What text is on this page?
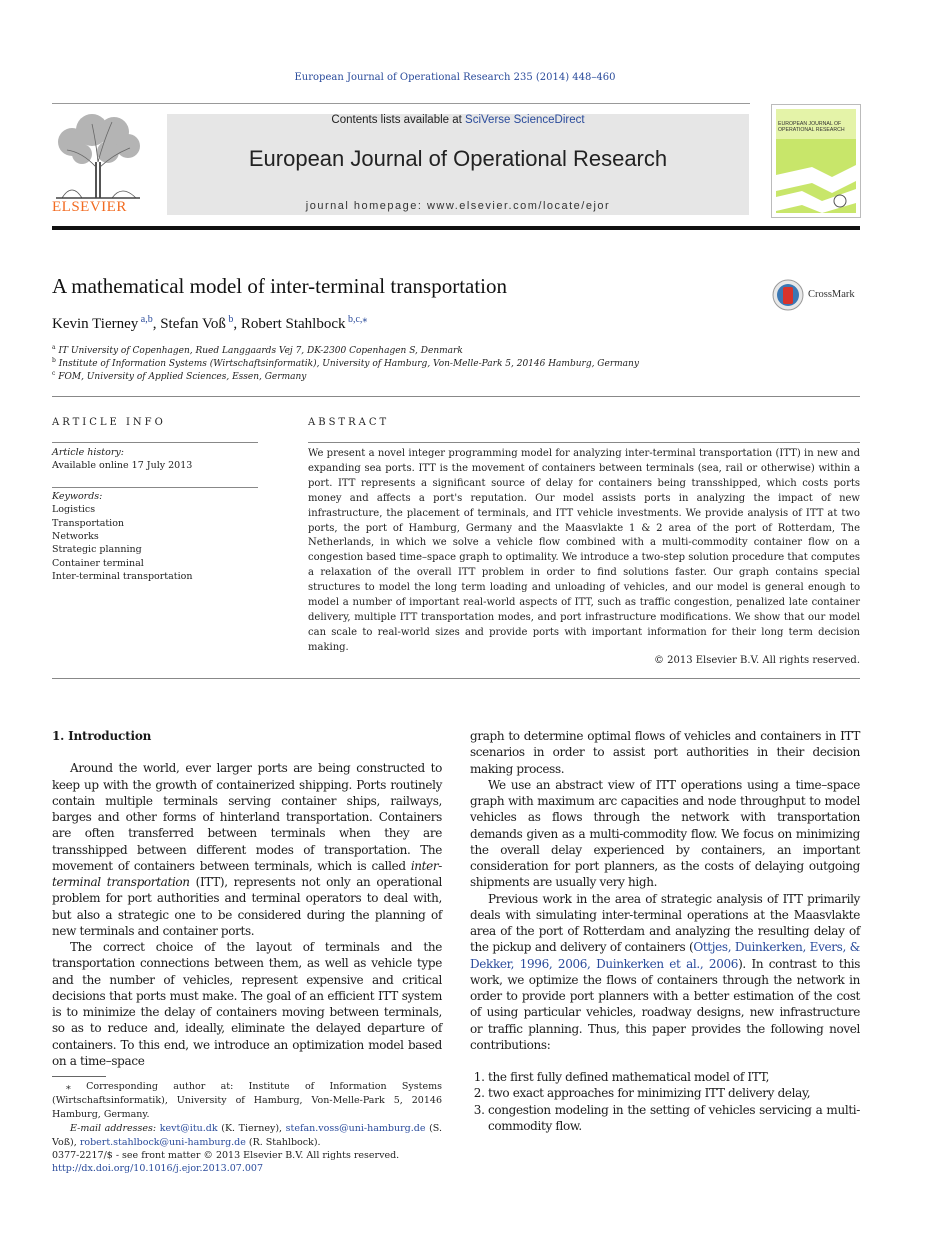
European Journal of Operational Research 235 (2014) 448–460
ELSEVIER
Contents lists available at SciVerse ScienceDirect
European Journal of Operational Research
journal homepage: www.elsevier.com/locate/ejor
EUROPEAN JOURNAL OF
OPERATIONAL RESEARCH
A mathematical model of inter-terminal transportation	CrossMark
Kevin Tierney $^{a,b}$, Stefan Voß $^b$, Robert Stahlbock $^{b,c,⁎}$
$^a$ IT University of Copenhagen, Rued Langgaards Vej 7, DK-2300 Copenhagen S, Denmark
$^b$ Institute of Information Systems (Wirtschaftsinformatik), University of Hamburg, Von-Melle-Park 5, 20146 Hamburg, Germany
$^c$ FOM, University of Applied Sciences, Essen, Germany
ARTICLE INFO	ABSTRACT
Article history:
Available online 17 July 2013
Keywords:
Logistics
Transportation
Networks
Strategic planning
Container terminal
Inter-terminal transportation
We present a novel integer programming model for analyzing inter-terminal transportation (ITT) in new and expanding sea ports. ITT is the movement of containers between terminals (sea, rail or otherwise) within a port. ITT represents a significant source of delay for containers being transshipped, which costs ports money and affects a port's reputation. Our model assists ports in analyzing the impact of new infrastructure, the placement of terminals, and ITT vehicle investments. We provide analysis of ITT at two ports, the port of Hamburg, Germany and the Maasvlakte 1 & 2 area of the port of Rotterdam, The Netherlands, in which we solve a vehicle flow combined with a multi-commodity container flow on a congestion based time–space graph to optimality. We introduce a two-step solution procedure that computes a relaxation of the overall ITT problem in order to find solutions faster. Our graph contains special structures to model the long term loading and unloading of vehicles, and our model is general enough to model a number of important real-world aspects of ITT, such as traffic congestion, penalized late container delivery, multiple ITT transportation modes, and port infrastructure modifications. We show that our model can scale to real-world sizes and provide ports with important information for their long term decision making.
© 2013 Elsevier B.V. All rights reserved.
1. Introduction

Around the world, ever larger ports are being constructed to keep up with the growth of containerized shipping. Ports routinely contain multiple terminals serving container ships, railways, barges and other forms of hinterland transportation. Containers are often transferred between terminals when they are transshipped between different modes of transportation. The movement of containers between terminals, which is called inter-terminal transportation (ITT), represents not only an operational problem for port authorities and terminal operators to deal with, but also a strategic one to be considered during the planning of new terminals and container ports.

The correct choice of the layout of terminals and the transportation connections between them, as well as vehicle type and the number of vehicles, represent expensive and critical decisions that ports must make. The goal of an efficient ITT system is to minimize the delay of containers moving between terminals, so as to reduce and, ideally, eliminate the delayed departure of containers. To this end, we introduce an optimization model based on a time–space

graph to determine optimal flows of vehicles and containers in ITT scenarios in order to assist port authorities in their decision making process.

We use an abstract view of ITT operations using a time–space graph with maximum arc capacities and node throughput to model vehicles as flows through the network with transportation demands given as a multi-commodity flow. We focus on minimizing the overall delay experienced by containers, an important consideration for port planners, as the costs of delaying outgoing shipments are usually very high.

Previous work in the area of strategic analysis of ITT primarily deals with simulating inter-terminal operations at the Maasvlakte area of the port of Rotterdam and analyzing the resulting delay of the pickup and delivery of containers (Ottjes, Duinkerken, Evers, & Dekker, 1996, 2006, Duinkerken et al., 2006). In contrast to this work, we optimize the flows of containers through the network in order to provide port planners with a better estimation of the cost of using particular vehicles, roadway designs, new infrastructure or traffic planning. Thus, this paper provides the following novel contributions:

1. the first fully defined mathematical model of ITT,
2. two exact approaches for minimizing ITT delivery delay,
3. congestion modeling in the setting of vehicles servicing a multi-commodity flow.
⁎ Corresponding author at: Institute of Information Systems (Wirtschaftsinformatik), University of Hamburg, Von-Melle-Park 5, 20146 Hamburg, Germany.
E-mail addresses: kevt@itu.dk (K. Tierney), stefan.voss@uni-hamburg.de (S. Voß), robert.stahlbock@uni-hamburg.de (R. Stahlbock).
0377-2217/$ - see front matter © 2013 Elsevier B.V. All rights reserved.
http://dx.doi.org/10.1016/j.ejor.2013.07.007
